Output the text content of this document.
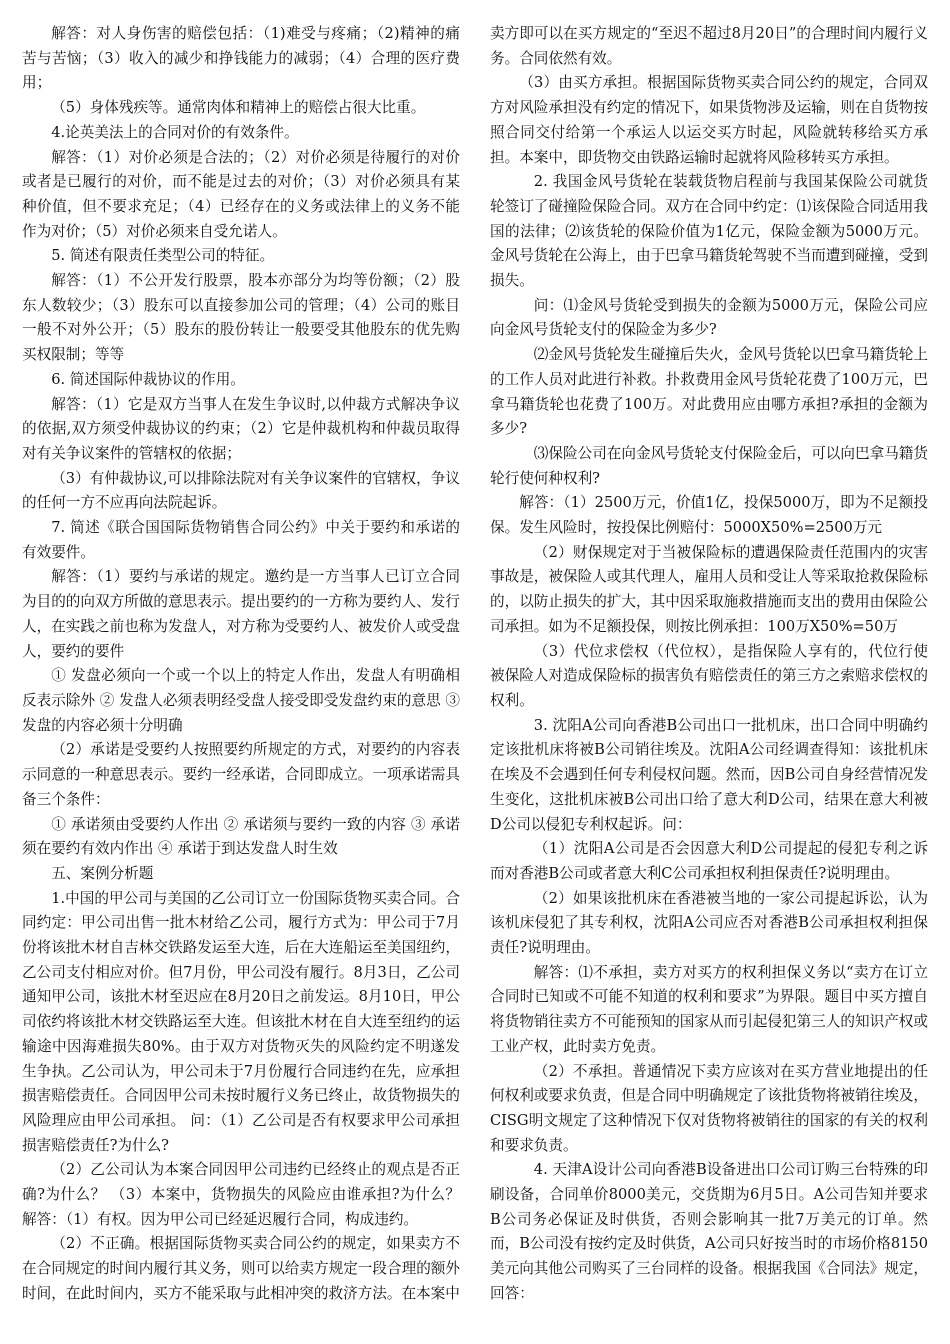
解答：对人身伤害的赔偿包括：（1)难受与疼痛；（2)精神的痛苦与苦恼；（3）收入的减少和挣钱能力的减弱；（4）合理的医疗费用；

（5）身体残疾等。通常肉体和精神上的赔偿占很大比重。

4.论英美法上的合同对价的有效条件。

解答：（1）对价必须是合法的；（2）对价必须是待履行的对价或者是已履行的对价，而不能是过去的对价；（3）对价必须具有某种价值，但不要求充足；（4）已经存在的义务或法律上的义务不能作为对价；（5）对价必须来自受允诺人。

5. 简述有限责任类型公司的特征。

解答：（1）不公开发行股票，股本亦部分为均等份额；（2）股东人数较少；（3）股东可以直接参加公司的管理；（4）公司的账目一般不对外公开；（5）股东的股份转让一般要受其他股东的优先购买权限制；等等

6. 简述国际仲裁协议的作用。

解答：（1）它是双方当事人在发生争议时,以仲裁方式解决争议的依据,双方须受仲裁协议的约束；（2）它是仲裁机构和仲裁员取得对有关争议案件的管辖权的依据；

（3）有仲裁协议,可以排除法院对有关争议案件的官辖权，争议的任何一方不应再向法院起诉。

7. 简述《联合国国际货物销售合同公约》中关于要约和承诺的有效要件。

解答：（1）要约与承诺的规定。邀约是一方当事人已订立合同为目的的向双方所做的意思表示。提出要约的一方称为要约人、发行人，在实践之前也称为发盘人，对方称为受要约人、被发价人或受盘人，要约的要件

① 发盘必须向一个或一个以上的特定人作出，发盘人有明确相反表示除外 ② 发盘人必须表明经受盘人接受即受发盘约束的意思 ③ 发盘的内容必须十分明确

（2）承诺是受要约人按照要约所规定的方式，对要约的内容表示同意的一种意思表示。要约一经承诺，合同即成立。一项承诺需具备三个条件：

① 承诺须由受要约人作出 ② 承诺须与要约一致的内容 ③ 承诺须在要约有效内作出 ④ 承诺于到达发盘人时生效

五、案例分析题

1.中国的甲公司与美国的乙公司订立一份国际货物买卖合同。合同约定：甲公司出售一批木材给乙公司，履行方式为：甲公司于7月份将该批木材自吉林交铁路发运至大连，后在大连船运至美国纽约，乙公司支付相应对价。但7月份，甲公司没有履行。8月3日，乙公司通知甲公司，该批木材至迟应在8月20日之前发运。8月10日，甲公司依约将该批木材交铁路运至大连。但该批木材在自大连至纽约的运输途中因海难损失80%。由于双方对货物灭失的风险约定不明遂发生争执。乙公司认为，甲公司未于7月份履行合同违约在先，应承担损害赔偿责任。合同因甲公司未按时履行义务已终止，故货物损失的风险理应由甲公司承担。 问：（1）乙公司是否有权要求甲公司承担损害赔偿责任?为什么?

（2）乙公司认为本案合同因甲公司违约已经终止的观点是否正确?为什么？ （3）本案中，货物损失的风险应由谁承担?为什么？解答：（1）有权。因为甲公司已经延迟履行合同，构成违约。

（2）不正确。根据国际货物买卖合同公约的规定，如果卖方不在合同规定的时间内履行其义务，则可以给卖方规定一段合理的额外时间，在此时间内，买方不能采取与此相冲突的救济方法。在本案中

卖方即可以在买方规定的“至迟不超过8月20日”的合理时间内履行义务。合同依然有效。

（3）由买方承担。根据国际货物买卖合同公约的规定，合同双方对风险承担没有约定的情况下，如果货物涉及运输，则在自货物按照合同交付给第一个承运人以运交买方时起，风险就转移给买方承担。本案中，即货物交由铁路运输时起就将风险移转买方承担。

2. 我国金风号货轮在装载货物启程前与我国某保险公司就货轮签订了碰撞险保险合同。双方在合同中约定：⑴该保险合同适用我国的法律；⑵该货轮的保险价值为1亿元，保险金额为5000万元。金风号货轮在公海上，由于巴拿马籍货轮驾驶不当而遭到碰撞，受到损失。

问：⑴金风号货轮受到损失的金额为5000万元，保险公司应向金风号货轮支付的保险金为多少?

⑵金风号货轮发生碰撞后失火，金风号货轮以巴拿马籍货轮上的工作人员对此进行补救。扑救费用金风号货轮花费了100万元，巴拿马籍货轮也花费了100万。对此费用应由哪方承担?承担的金额为多少?

⑶保险公司在向金风号货轮支付保险金后，可以向巴拿马籍货轮行使何种权利?

解答：（1）2500万元，价值1亿，投保5000万，即为不足额投保。发生风险时，按投保比例赔付：5000X50%=2500万元

（2）财保规定对于当被保险标的遭遇保险责任范围内的灾害事故是，被保险人或其代理人，雇用人员和受让人等采取抢救保险标的，以防止损失的扩大，其中因采取施救措施而支出的费用由保险公司承担。如为不足额投保，则按比例承担：100万X50%=50万

（3）代位求偿权（代位权），是指保险人享有的，代位行使被保险人对造成保险标的损害负有赔偿责任的第三方之索赔求偿权的权利。

3. 沈阳A公司向香港B公司出口一批机床，出口合同中明确约定该批机床将被B公司销往埃及。沈阳A公司经调查得知：该批机床在埃及不会遇到任何专利侵权问题。然而，因B公司自身经营情况发生变化，这批机床被B公司出口给了意大利D公司，结果在意大利被D公司以侵犯专利权起诉。问：

（1）沈阳A公司是否会因意大利D公司提起的侵犯专利之诉而对香港B公司或者意大利C公司承担权利担保责任?说明理由。

（2）如果该批机床在香港被当地的一家公司提起诉讼，认为该机床侵犯了其专利权，沈阳A公司应否对香港B公司承担权利担保责任?说明理由。

解答：⑴不承担，卖方对买方的权利担保义务以“卖方在订立合同时已知或不可能不知道的权利和要求”为界限。题目中买方擅自将货物销往卖方不可能预知的国家从而引起侵犯第三人的知识产权或工业产权，此时卖方免责。

（2）不承担。普通情况下卖方应该对在买方营业地提出的任何权利或要求负责，但是合同中明确规定了该批货物将被销往埃及，CISG明文规定了这种情况下仅对货物将被销往的国家的有关的权利和要求负责。

4. 天津A设计公司向香港B设备进出口公司订购三台特殊的印刷设备，合同单价8000美元，交货期为6月5日。A公司告知并要求B公司务必保证及时供货，否则会影响其一批7万美元的订单。然而，B公司没有按约定及时供货，A公司只好按当时的市场价格8150美元向其他公司购买了三台同样的设备。根据我国《合同法》规定，回答：
